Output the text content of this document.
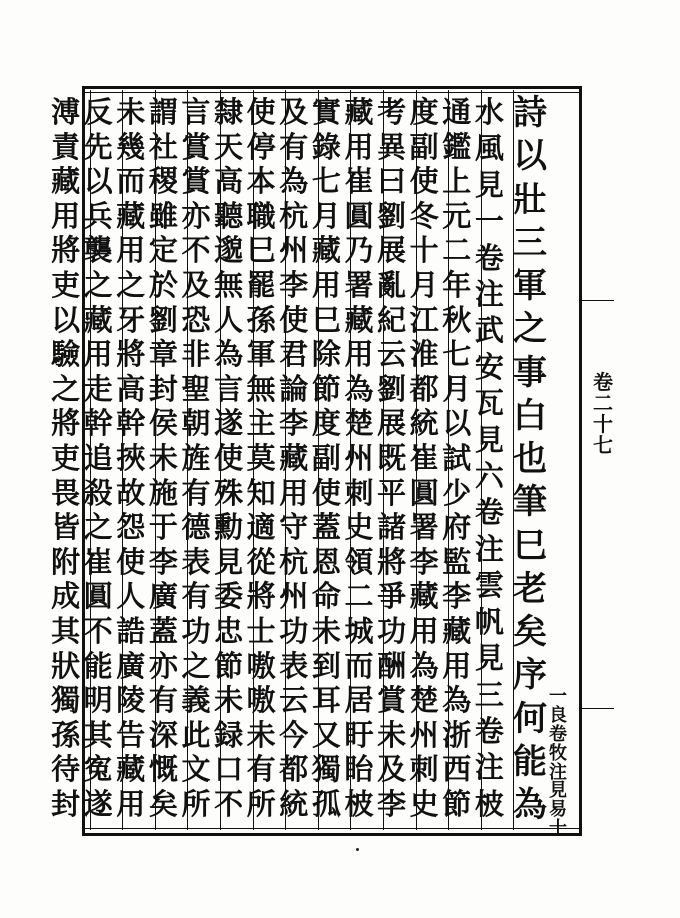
詩
以
壯
三
軍
之
事
白
也
筆
巳
老
矣
序
何
能
為
水
風
見
一
卷
注
武
安
瓦
見
六
卷
注
雲
帆
見
三
卷
注
柀
通
鑑
上
元
二
年
秋
七
月
以
試
少
府
監
李
藏
用
為
浙
西
節
度
副
使
冬
十
月
江
淮
都
統
崔
圓
署
李
藏
用
為
楚
州
刺
史
考
異
曰
劉
展
亂
紀
云
劉
展
既
平
諸
將
爭
功
酬
賞
未
及
李
藏
用
崔
圓
乃
署
藏
用
為
楚
州
刺
史
領
二
城
而
居
盱
眙
柀
實
錄
七
月
藏
用
巳
除
節
度
副
使
蓋
恩
命
未
到
耳
又
獨
孤
及
有
為
杭
州
李
使
君
論
李
藏
用
守
杭
州
功
表
云
今
都
統
使
停
本
職
巳
罷
孫
軍
無
主
莫
知
適
從
將
士
嗷
嗷
未
有
所
隸
天
高
聽
邈
無
人
為
言
遂
使
殊
勳
見
委
忠
節
未
録
口
不
言
賞
賞
亦
不
及
恐
非
聖
朝
旌
有
德
表
有
功
之
義
此
文
所
謂
社
稷
雖
定
於
劉
章
封
侯
未
施
于
李
廣
蓋
亦
有
深
慨
矣
未
幾
而
藏
用
之
牙
將
高
幹
挾
故
怨
使
人
誥
廣
陵
告
藏
用
反
先
以
兵
襲
之
藏
用
走
幹
追
殺
之
崔
圓
不
能
明
其
寃
遂
溥
責
藏
用
將
吏
以
驗
之
將
吏
畏
皆
附
成
其
狀
獨
孫
待
封
一
良
卷
牧
注
見
易
十
卷
二
十
七
